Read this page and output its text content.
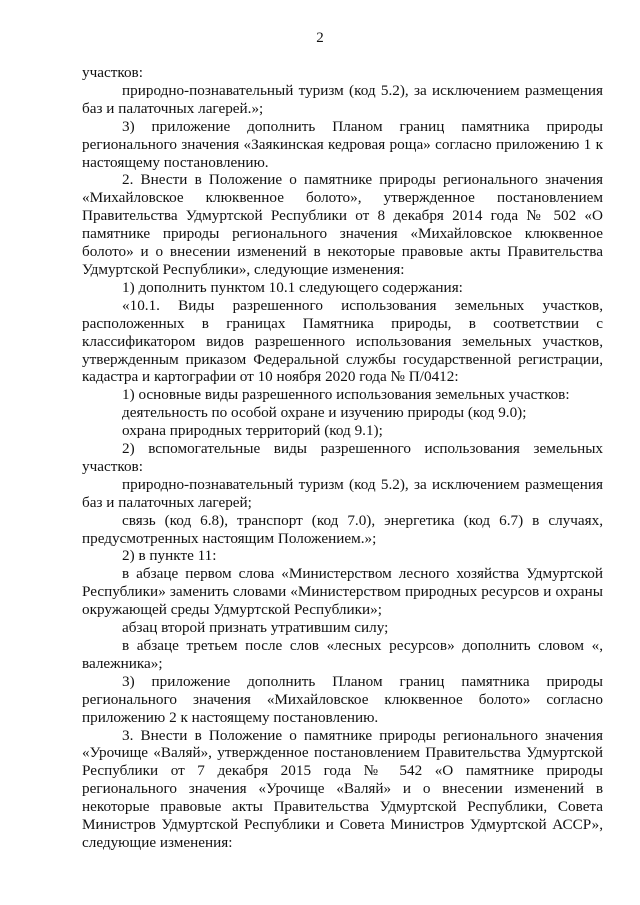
2

участков:

природно-познавательный туризм (код 5.2), за исключением размещения баз и палаточных лагерей.»;

3) приложение дополнить Планом границ памятника природы регионального значения «Заякинская кедровая роща» согласно приложению 1 к настоящему постановлению.

2. Внести в Положение о памятнике природы регионального значения «Михайловское клюквенное болото», утвержденное постановлением Правительства Удмуртской Республики от 8 декабря 2014 года № 502 «О памятнике природы регионального значения «Михайловское клюквенное болото» и о внесении изменений в некоторые правовые акты Правительства Удмуртской Республики», следующие изменения:

1) дополнить пунктом 10.1 следующего содержания:

«10.1. Виды разрешенного использования земельных участков, расположенных в границах Памятника природы, в соответствии с классификатором видов разрешенного использования земельных участков, утвержденным приказом Федеральной службы государственной регистрации, кадастра и картографии от 10 ноября 2020 года № П/0412:

1) основные виды разрешенного использования земельных участков:

деятельность по особой охране и изучению природы (код 9.0);

охрана природных территорий (код 9.1);

2) вспомогательные виды разрешенного использования земельных участков:

природно-познавательный туризм (код 5.2), за исключением размещения баз и палаточных лагерей;

связь (код 6.8), транспорт (код 7.0), энергетика (код 6.7) в случаях, предусмотренных настоящим Положением.»;

2) в пункте 11:

в абзаце первом слова «Министерством лесного хозяйства Удмуртской Республики» заменить словами «Министерством природных ресурсов и охраны окружающей среды Удмуртской Республики»;

абзац второй признать утратившим силу;

в абзаце третьем после слов «лесных ресурсов» дополнить словом «, валежника»;

3) приложение дополнить Планом границ памятника природы регионального значения «Михайловское клюквенное болото» согласно приложению 2 к настоящему постановлению.

3. Внести в Положение о памятнике природы регионального значения «Урочище «Валяй», утвержденное постановлением Правительства Удмуртской Республики от 7 декабря 2015 года № 542 «О памятнике природы регионального значения «Урочище «Валяй» и о внесении изменений в некоторые правовые акты Правительства Удмуртской Республики, Совета Министров Удмуртской Республики и Совета Министров Удмуртской АССР», следующие изменения:
